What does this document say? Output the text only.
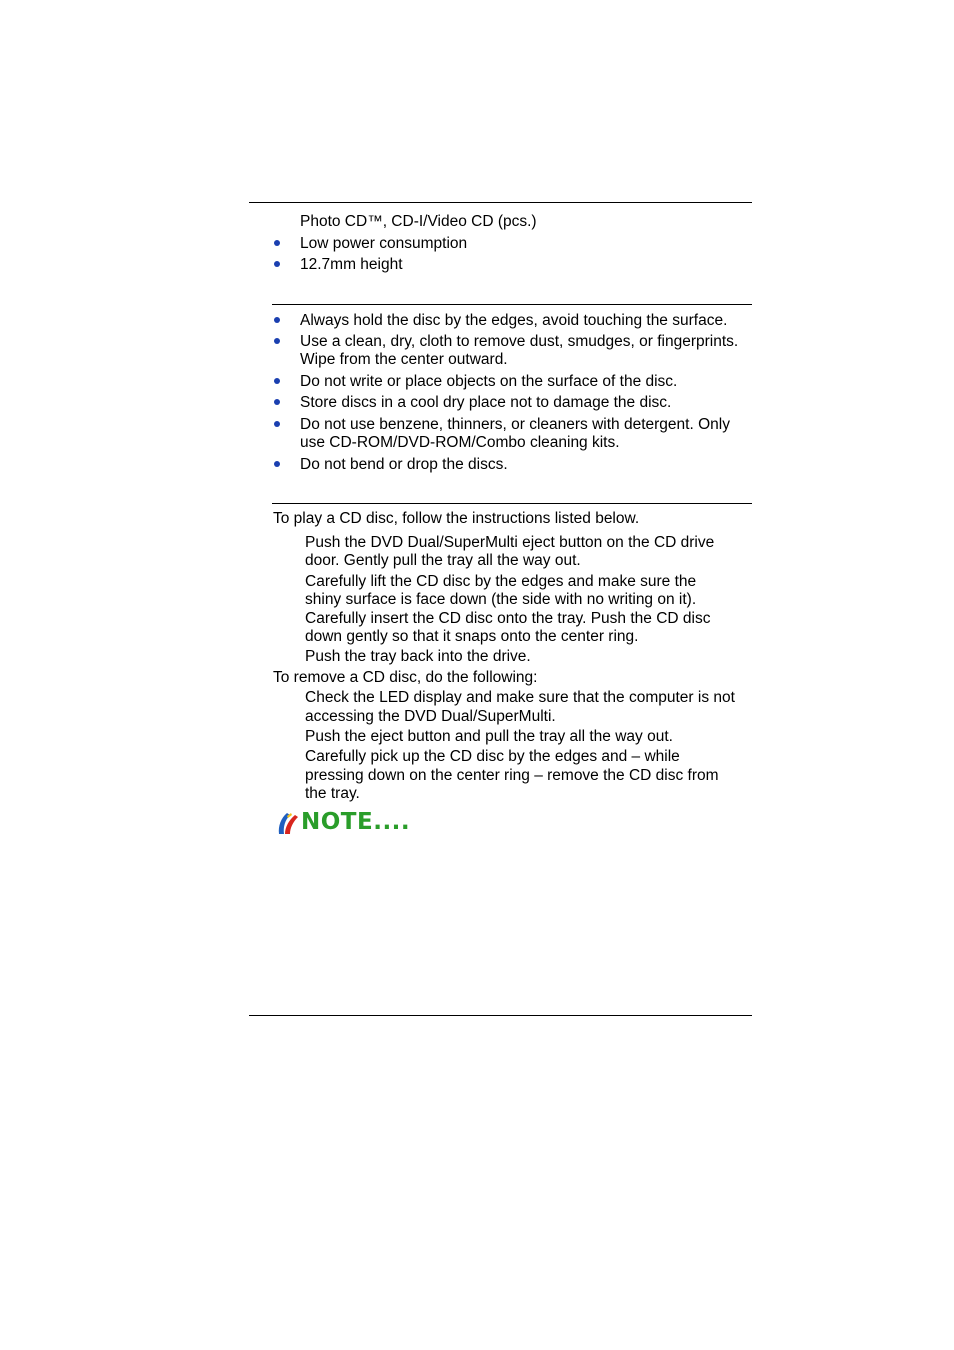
Photo CD™, CD-I/Video CD (pcs.)
Low power consumption
12.7mm height
Always hold the disc by the edges, avoid touching the surface.
Use a clean, dry, cloth to remove dust, smudges, or fingerprints.
Wipe from the center outward.
Do not write or place objects on the surface of the disc.
Store discs in a cool dry place not to damage the disc.
Do not use benzene, thinners, or cleaners with detergent. Only
use CD-ROM/DVD-ROM/Combo cleaning kits.
Do not bend or drop the discs.
To play a CD disc, follow the instructions listed below.
Push the DVD Dual/SuperMulti eject button on the CD drive
door. Gently pull the tray all the way out.
Carefully lift the CD disc by the edges and make sure the
shiny surface is face down (the side with no writing on it).
Carefully insert the CD disc onto the tray. Push the CD disc
down gently so that it snaps onto the center ring.
Push the tray back into the drive.
To remove a CD disc, do the following:
Check the LED display and make sure that the computer is not
accessing the DVD Dual/SuperMulti.
Push the eject button and pull the tray all the way out.
Carefully pick up the CD disc by the edges and – while
pressing down on the center ring – remove the CD disc from
the tray.
NOTE....
